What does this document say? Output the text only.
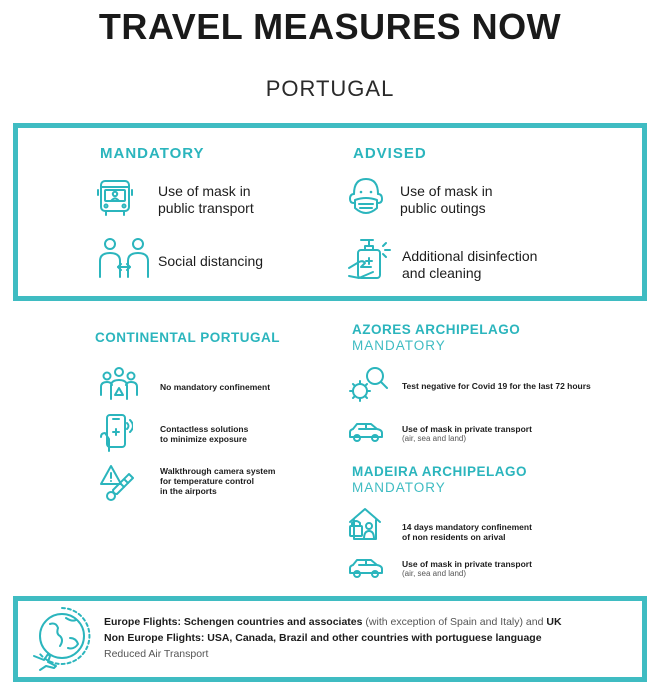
TRAVEL MEASURES NOW
PORTUGAL
MANDATORY	ADVISED
Use of mask in
public transport
Social distancing
Use of mask in
public outings
Additional disinfection
and cleaning
CONTINENTAL PORTUGAL
No mandatory confinement
Contactless solutions
to minimize exposure
Walkthrough camera system
for temperature control
in the airports
AZORES ARCHIPELAGO
MANDATORY
Test negative for Covid 19 for the last 72 hours
Use of mask in private transport
(air, sea and land)
MADEIRA ARCHIPELAGO
MANDATORY
14 days mandatory confinement
of non residents on arival
Use of mask in private transport
(air, sea and land)
Europe Flights: Schengen countries and associates (with exception of Spain and Italy) and UK
Non Europe Flights: USA, Canada, Brazil and other countries with portuguese language
Reduced Air Transport
